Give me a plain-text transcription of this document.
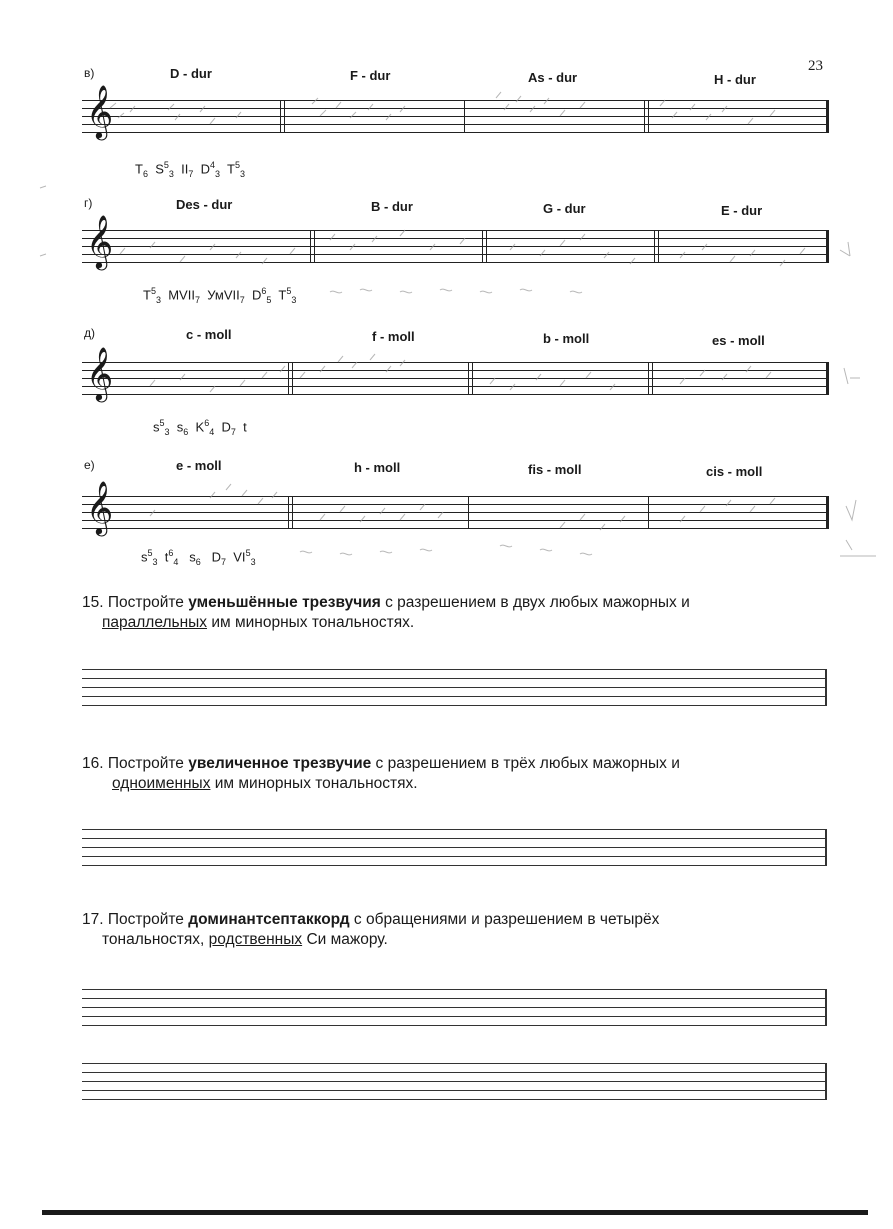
23
в)	D - dur	F - dur	As - dur	H - dur
𝄞
$T_6$ $S^5_3$ $II_7$ $D^4_3$ $T^5_3$
г)	Des - dur	B - dur	G - dur	E - dur
𝄞
$T^5_3$ $MVII_7$ УмVII$_7$ $D^6_5$ $T^5_3$
д)	c - moll	f - moll	b - moll	es - moll
𝄞
$s^5_3$ $s_6$ $K^6_4$ $D_7$ t
е)	e - moll	h - moll	fis - moll	cis - moll
𝄞
$s^5_3$ $t^6_4$ $s_6$ $D_7$ $VI^5_3$

15. Постройте уменьшённые трезвучия с разрешением в двух любых мажорных и

параллельных им минорных тональностях.

16. Постройте увеличенное трезвучие с разрешением в трёх любых мажорных и

одноименных им минорных тональностях.

17. Постройте доминантсептаккорд с обращениями и разрешением в четырёх

тональностях, родственных Си мажору.
